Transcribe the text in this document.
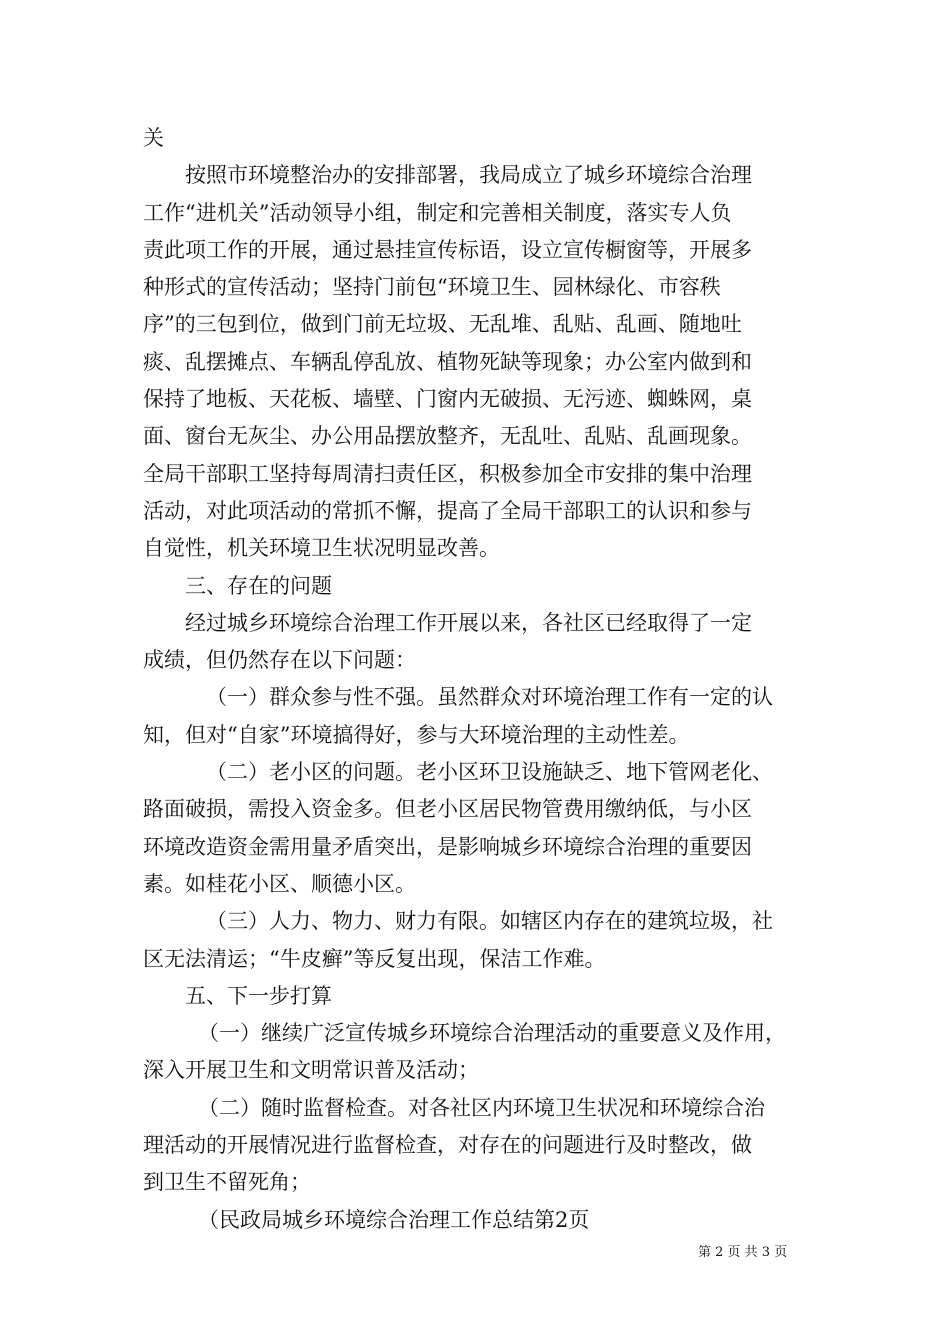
关
按照市环境整治办的安排部署，我局成立了城乡环境综合治理
工作“进机关”活动领导小组，制定和完善相关制度，落实专人负
责此项工作的开展，通过悬挂宣传标语，设立宣传橱窗等，开展多
种形式的宣传活动；坚持门前包“环境卫生、园林绿化、市容秩
序”的三包到位，做到门前无垃圾、无乱堆、乱贴、乱画、随地吐
痰、乱摆摊点、车辆乱停乱放、植物死缺等现象；办公室内做到和
保持了地板、天花板、墙壁、门窗内无破损、无污迹、蜘蛛网，桌
面、窗台无灰尘、办公用品摆放整齐，无乱吐、乱贴、乱画现象。
全局干部职工坚持每周清扫责任区，积极参加全市安排的集中治理
活动，对此项活动的常抓不懈，提高了全局干部职工的认识和参与
自觉性，机关环境卫生状况明显改善。
三、存在的问题
经过城乡环境综合治理工作开展以来，各社区已经取得了一定
成绩，但仍然存在以下问题：
（一）群众参与性不强。虽然群众对环境治理工作有一定的认
知，但对“自家”环境搞得好，参与大环境治理的主动性差。
（二）老小区的问题。老小区环卫设施缺乏、地下管网老化、
路面破损，需投入资金多。但老小区居民物管费用缴纳低，与小区
环境改造资金需用量矛盾突出，是影响城乡环境综合治理的重要因
素。如桂花小区、顺德小区。
（三）人力、物力、财力有限。如辖区内存在的建筑垃圾，社
区无法清运；“牛皮癣”等反复出现，保洁工作难。
五、下一步打算
（一）继续广泛宣传城乡环境综合治理活动的重要意义及作用，
深入开展卫生和文明常识普及活动；
（二）随时监督检查。对各社区内环境卫生状况和环境综合治
理活动的开展情况进行监督检查，对存在的问题进行及时整改，做
到卫生不留死角；
（民政局城乡环境综合治理工作总结第2页
第 2 页 共 3 页
